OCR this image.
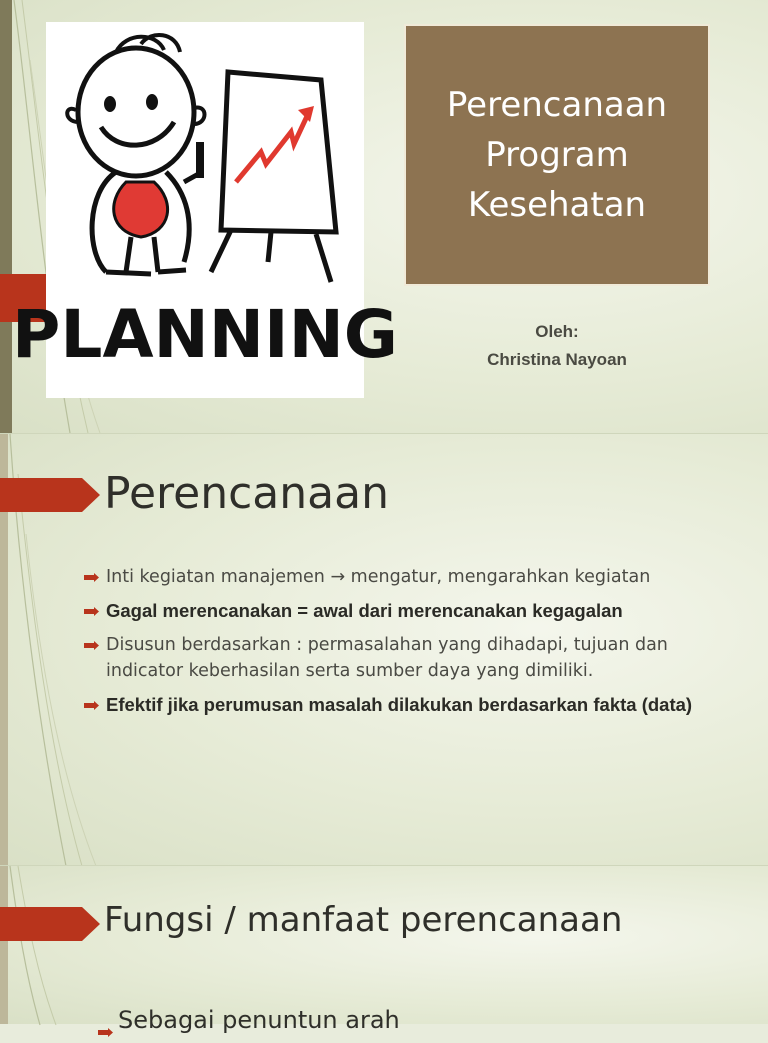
PLANNING
Perencanaan
Program
Kesehatan
Oleh:
Christina Nayoan
Perencanaan
Inti kegiatan manajemen → mengatur, mengarahkan kegiatan
Gagal merencanakan = awal dari merencanakan kegagalan
Disusun berdasarkan : permasalahan yang dihadapi, tujuan dan indicator keberhasilan serta sumber daya yang dimiliki.
Efektif jika perumusan masalah dilakukan berdasarkan fakta (data)
Fungsi / manfaat perencanaan
Sebagai penuntun arah
